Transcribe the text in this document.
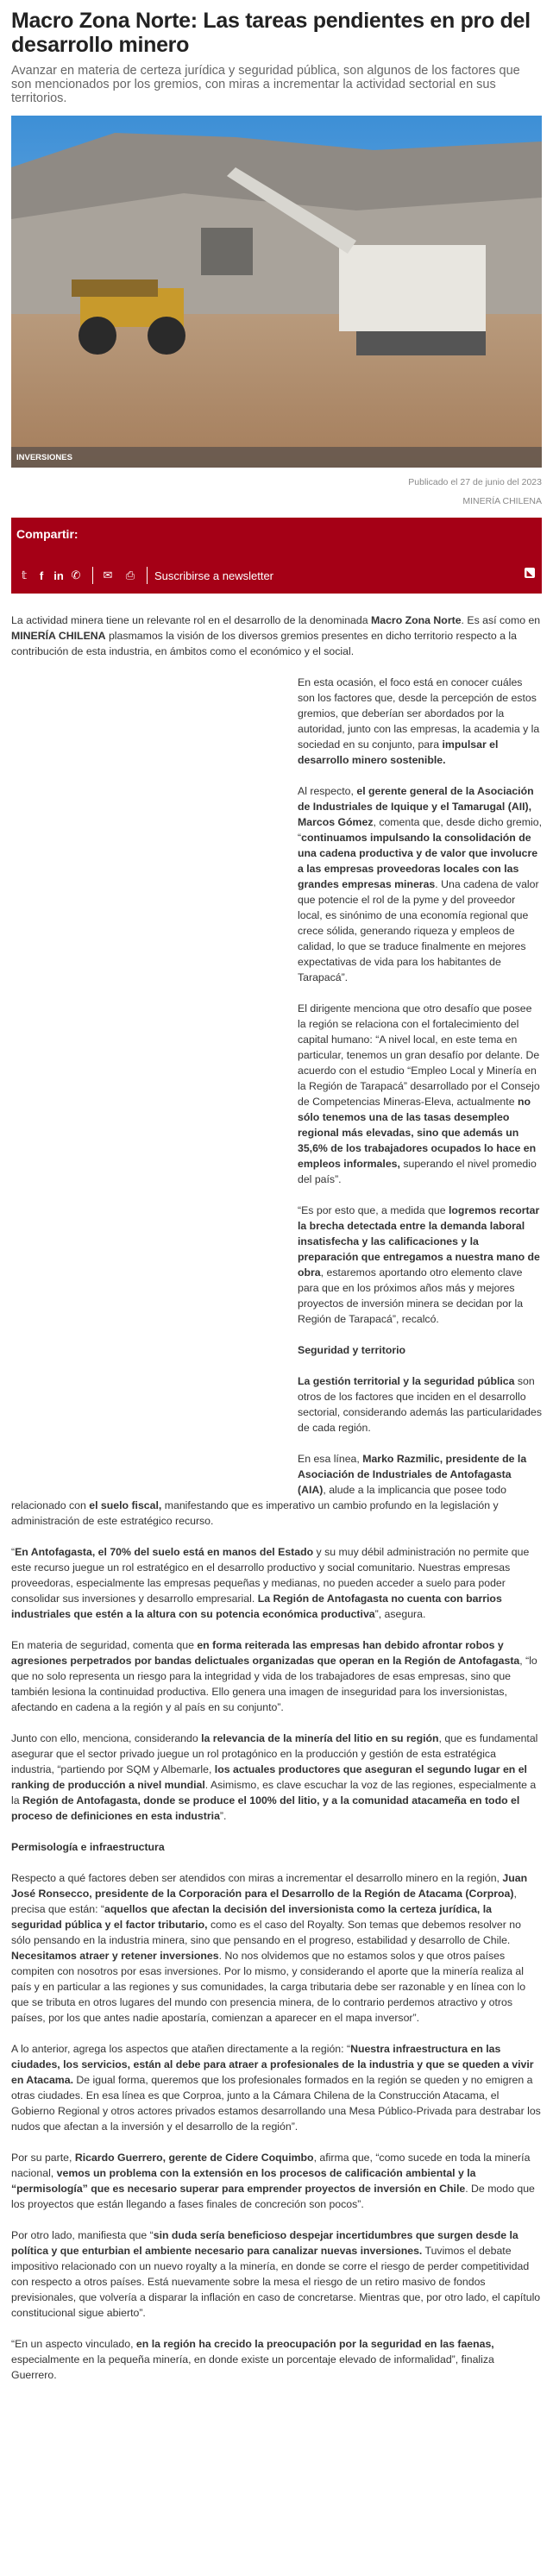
Macro Zona Norte: Las tareas pendientes en pro del desarrollo minero

Avanzar en materia de certeza jurídica y seguridad pública, son algunos de los factores que son mencionados por los gremios, con miras a incrementar la actividad sectorial en sus territorios.

INVERSIONES
Publicado el 27 de junio del 2023
MINERÍA CHILENA
Compartir:
𝕥	f in ✆ ✉ ⎙ Suscribirse a newsletter	◣

La actividad minera tiene un relevante rol en el desarrollo de la denominada Macro Zona Norte. Es así como en MINERÍA CHILENA plasmamos la visión de los diversos gremios presentes en dicho territorio respecto a la contribución de esta industria, en ámbitos como el económico y el social.

En esta ocasión, el foco está en conocer cuáles son los factores que, desde la percepción de estos gremios, que deberían ser abordados por la autoridad, junto con las empresas, la academia y la sociedad en su conjunto, para impulsar el desarrollo minero sostenible.

Al respecto, el gerente general de la Asociación de Industriales de Iquique y el Tamarugal (AII), Marcos Gómez, comenta que, desde dicho gremio, “continuamos impulsando la consolidación de una cadena productiva y de valor que involucre a las empresas proveedoras locales con las grandes empresas mineras. Una cadena de valor que potencie el rol de la pyme y del proveedor local, es sinónimo de una economía regional que crece sólida, generando riqueza y empleos de calidad, lo que se traduce finalmente en mejores expectativas de vida para los habitantes de Tarapacá”.

El dirigente menciona que otro desafío que posee la región se relaciona con el fortalecimiento del capital humano: “A nivel local, en este tema en particular, tenemos un gran desafío por delante. De acuerdo con el estudio “Empleo Local y Minería en la Región de Tarapacá” desarrollado por el Consejo de Competencias Mineras-Eleva, actualmente no sólo tenemos una de las tasas desempleo regional más elevadas, sino que además un 35,6% de los trabajadores ocupados lo hace en empleos informales, superando el nivel promedio del país”.

“Es por esto que, a medida que logremos recortar la brecha detectada entre la demanda laboral insatisfecha y las calificaciones y la preparación que entregamos a nuestra mano de obra, estaremos aportando otro elemento clave para que en los próximos años más y mejores proyectos de inversión minera se decidan por la Región de Tarapacá”, recalcó.

Seguridad y territorio

La gestión territorial y la seguridad pública son otros de los factores que inciden en el desarrollo sectorial, considerando además las particularidades de cada región.

En esa línea, Marko Razmilic, presidente de la Asociación de Industriales de Antofagasta (AIA), alude a la implicancia que posee todo relacionado con el suelo fiscal, manifestando que es imperativo un cambio profundo en la legislación y administración de este estratégico recurso.

“En Antofagasta, el 70% del suelo está en manos del Estado y su muy débil administración no permite que este recurso juegue un rol estratégico en el desarrollo productivo y social comunitario. Nuestras empresas proveedoras, especialmente las empresas pequeñas y medianas, no pueden acceder a suelo para poder consolidar sus inversiones y desarrollo empresarial. La Región de Antofagasta no cuenta con barrios industriales que estén a la altura con su potencia económica productiva”, asegura.

En materia de seguridad, comenta que en forma reiterada las empresas han debido afrontar robos y agresiones perpetrados por bandas delictuales organizadas que operan en la Región de Antofagasta, “lo que no solo representa un riesgo para la integridad y vida de los trabajadores de esas empresas, sino que también lesiona la continuidad productiva. Ello genera una imagen de inseguridad para los inversionistas, afectando en cadena a la región y al país en su conjunto”.

Junto con ello, menciona, considerando la relevancia de la minería del litio en su región, que es fundamental asegurar que el sector privado juegue un rol protagónico en la producción y gestión de esta estratégica industria, “partiendo por SQM y Albemarle, los actuales productores que aseguran el segundo lugar en el ranking de producción a nivel mundial. Asimismo, es clave escuchar la voz de las regiones, especialmente a la Región de Antofagasta, donde se produce el 100% del litio, y a la comunidad atacameña en todo el proceso de definiciones en esta industria”.

Permisología e infraestructura

Respecto a qué factores deben ser atendidos con miras a incrementar el desarrollo minero en la región, Juan José Ronsecco, presidente de la Corporación para el Desarrollo de la Región de Atacama (Corproa), precisa que están: “aquellos que afectan la decisión del inversionista como la certeza jurídica, la seguridad pública y el factor tributario, como es el caso del Royalty. Son temas que debemos resolver no sólo pensando en la industria minera, sino que pensando en el progreso, estabilidad y desarrollo de Chile. Necesitamos atraer y retener inversiones. No nos olvidemos que no estamos solos y que otros países compiten con nosotros por esas inversiones. Por lo mismo, y considerando el aporte que la minería realiza al país y en particular a las regiones y sus comunidades, la carga tributaria debe ser razonable y en línea con lo que se tributa en otros lugares del mundo con presencia minera, de lo contrario perdemos atractivo y otros países, por los que antes nadie apostaría, comienzan a aparecer en el mapa inversor”.

A lo anterior, agrega los aspectos que atañen directamente a la región: “Nuestra infraestructura en las ciudades, los servicios, están al debe para atraer a profesionales de la industria y que se queden a vivir en Atacama. De igual forma, queremos que los profesionales formados en la región se queden y no emigren a otras ciudades. En esa línea es que Corproa, junto a la Cámara Chilena de la Construcción Atacama, el Gobierno Regional y otros actores privados estamos desarrollando una Mesa Público-Privada para destrabar los nudos que afectan a la inversión y el desarrollo de la región”.

Por su parte, Ricardo Guerrero, gerente de Cidere Coquimbo, afirma que, “como sucede en toda la minería nacional, vemos un problema con la extensión en los procesos de calificación ambiental y la “permisología” que es necesario superar para emprender proyectos de inversión en Chile. De modo que los proyectos que están llegando a fases finales de concreción son pocos”.

Por otro lado, manifiesta que “sin duda sería beneficioso despejar incertidumbres que surgen desde la política y que enturbian el ambiente necesario para canalizar nuevas inversiones. Tuvimos el debate impositivo relacionado con un nuevo royalty a la minería, en donde se corre el riesgo de perder competitividad con respecto a otros países. Está nuevamente sobre la mesa el riesgo de un retiro masivo de fondos previsionales, que volvería a disparar la inflación en caso de concretarse. Mientras que, por otro lado, el capítulo constitucional sigue abierto”.

“En un aspecto vinculado, en la región ha crecido la preocupación por la seguridad en las faenas, especialmente en la pequeña minería, en donde existe un porcentaje elevado de informalidad”, finaliza Guerrero.
